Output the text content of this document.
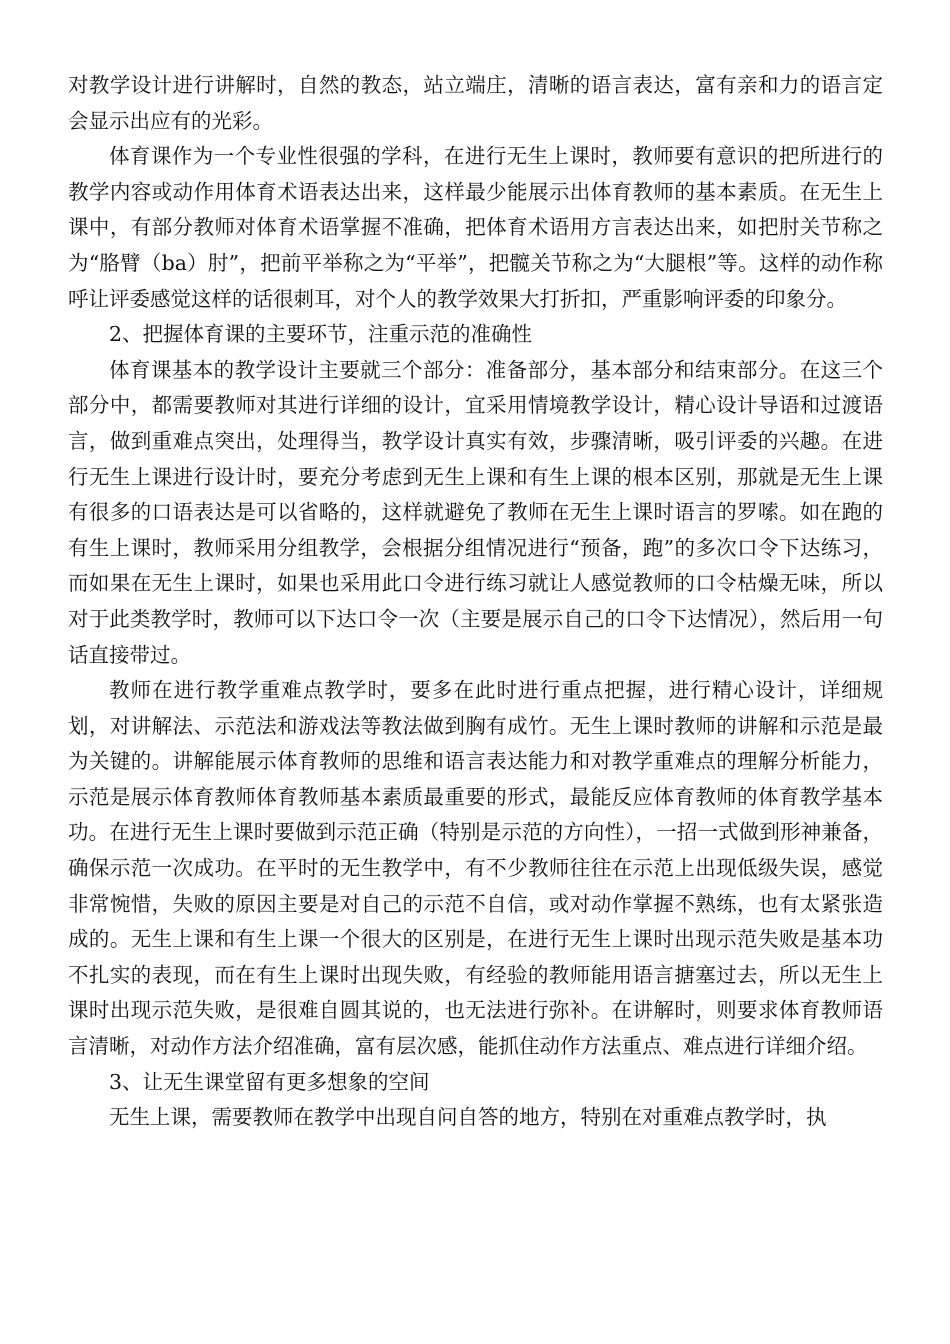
对教学设计进行讲解时，自然的教态，站立端庄，清晰的语言表达，富有亲和力的语言定会显示出应有的光彩。

体育课作为一个专业性很强的学科，在进行无生上课时，教师要有意识的把所进行的教学内容或动作用体育术语表达出来，这样最少能展示出体育教师的基本素质。在无生上课中，有部分教师对体育术语掌握不准确，把体育术语用方言表达出来，如把肘关节称之为“胳臂（ba）肘”，把前平举称之为“平举”，把髋关节称之为“大腿根”等。这样的动作称呼让评委感觉这样的话很刺耳，对个人的教学效果大打折扣，严重影响评委的印象分。

2、把握体育课的主要环节，注重示范的准确性

体育课基本的教学设计主要就三个部分：准备部分，基本部分和结束部分。在这三个部分中，都需要教师对其进行详细的设计，宜采用情境教学设计，精心设计导语和过渡语言，做到重难点突出，处理得当，教学设计真实有效，步骤清晰，吸引评委的兴趣。在进行无生上课进行设计时，要充分考虑到无生上课和有生上课的根本区别，那就是无生上课有很多的口语表达是可以省略的，这样就避免了教师在无生上课时语言的罗嗦。如在跑的有生上课时，教师采用分组教学，会根据分组情况进行“预备，跑”的多次口令下达练习，而如果在无生上课时，如果也采用此口令进行练习就让人感觉教师的口令枯燥无味，所以对于此类教学时，教师可以下达口令一次（主要是展示自己的口令下达情况），然后用一句话直接带过。

教师在进行教学重难点教学时，要多在此时进行重点把握，进行精心设计，详细规划，对讲解法、示范法和游戏法等教法做到胸有成竹。无生上课时教师的讲解和示范是最为关键的。讲解能展示体育教师的思维和语言表达能力和对教学重难点的理解分析能力，示范是展示体育教师体育教师基本素质最重要的形式，最能反应体育教师的体育教学基本功。在进行无生上课时要做到示范正确（特别是示范的方向性），一招一式做到形神兼备，确保示范一次成功。在平时的无生教学中，有不少教师往往在示范上出现低级失误，感觉非常惋惜，失败的原因主要是对自己的示范不自信，或对动作掌握不熟练，也有太紧张造成的。无生上课和有生上课一个很大的区别是，在进行无生上课时出现示范失败是基本功不扎实的表现，而在有生上课时出现失败，有经验的教师能用语言搪塞过去，所以无生上课时出现示范失败，是很难自圆其说的，也无法进行弥补。在讲解时，则要求体育教师语言清晰，对动作方法介绍准确，富有层次感，能抓住动作方法重点、难点进行详细介绍。

3、让无生课堂留有更多想象的空间

无生上课，需要教师在教学中出现自问自答的地方，特别在对重难点教学时，执
